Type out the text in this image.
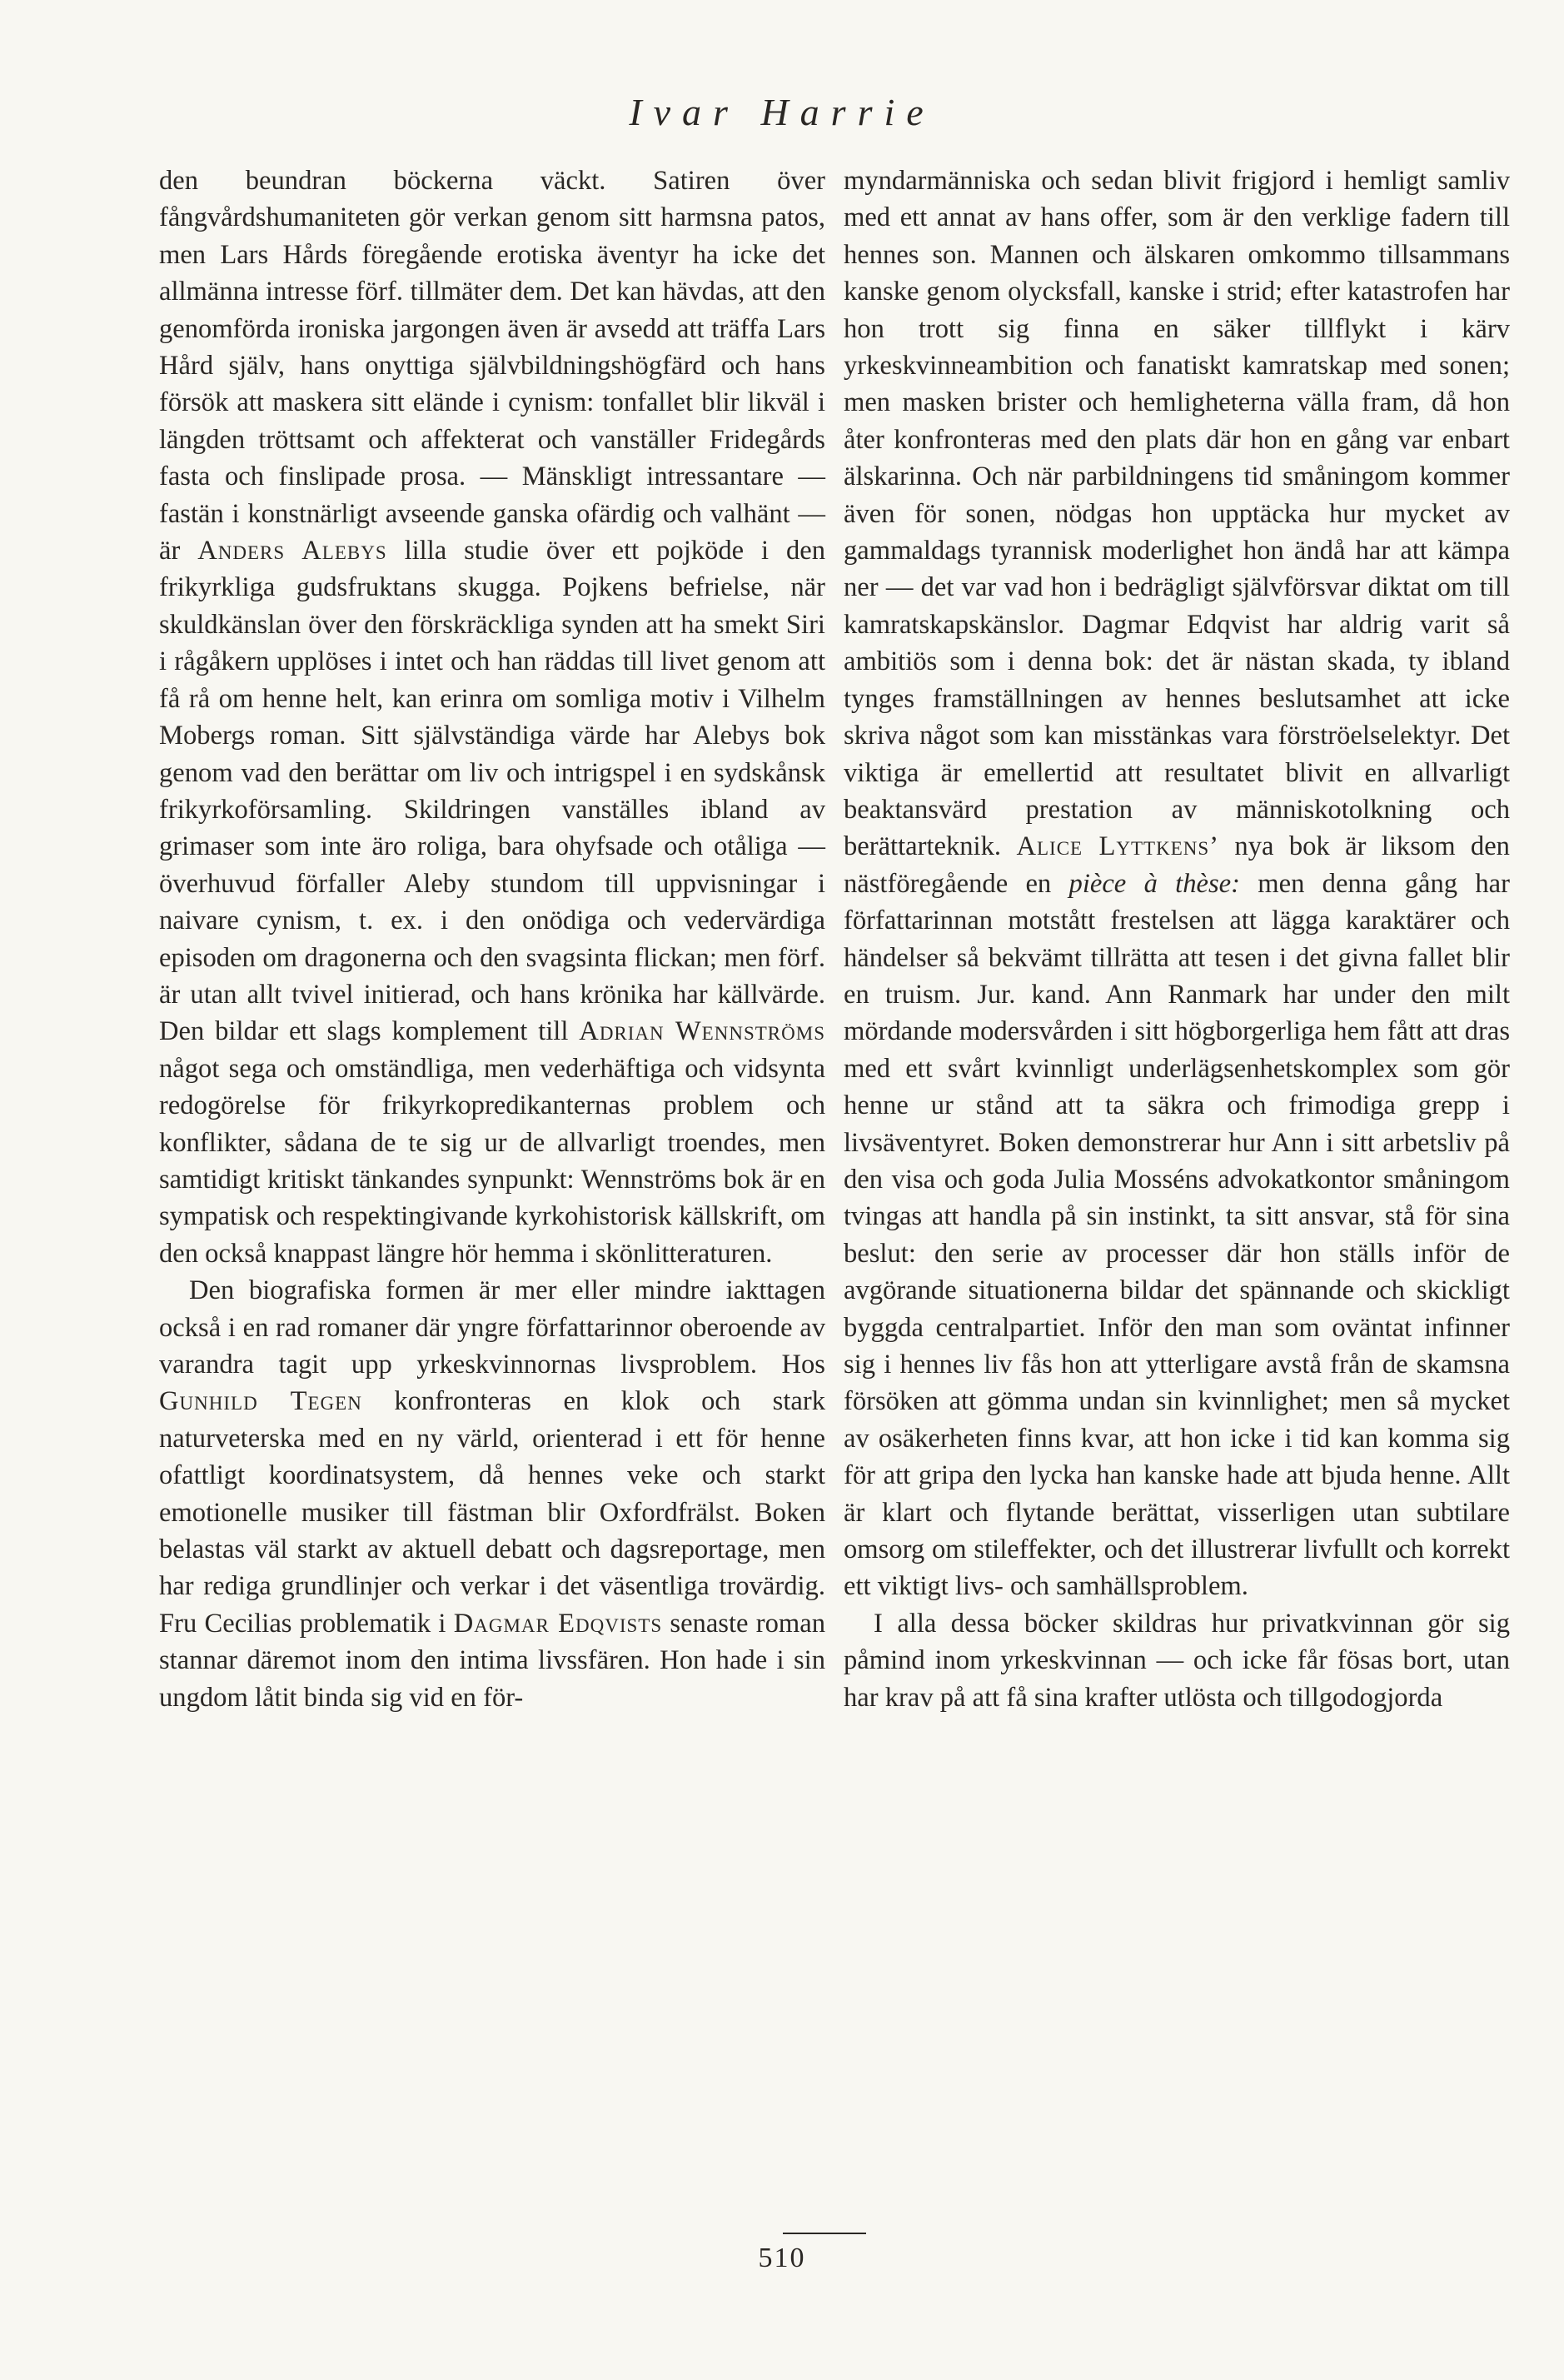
Ivar Harrie

den beundran böckerna väckt. Satiren över fångvårdshumaniteten gör verkan genom sitt harmsna patos, men Lars Hårds föregående erotiska äventyr ha icke det allmänna intresse förf. tillmäter dem. Det kan hävdas, att den genomförda ironiska jargongen även är avsedd att träffa Lars Hård själv, hans onyttiga självbildningshögfärd och hans försök att maskera sitt elände i cynism: tonfallet blir likväl i längden tröttsamt och affekterat och vanställer Fridegårds fasta och finslipade prosa. — Mänskligt intressantare — fastän i konstnärligt avseende ganska ofärdig och valhänt — är Anders Alebys lilla studie över ett pojköde i den frikyrkliga gudsfruktans skugga. Pojkens befrielse, när skuldkänslan över den förskräckliga synden att ha smekt Siri i rågåkern upplöses i intet och han räddas till livet genom att få rå om henne helt, kan erinra om somliga motiv i Vilhelm Mobergs roman. Sitt självständiga värde har Alebys bok genom vad den berättar om liv och intrigspel i en sydskånsk frikyrkoförsamling. Skildringen vanställes ibland av grimaser som inte äro roliga, bara ohyfsade och otåliga — överhuvud förfaller Aleby stundom till uppvisningar i naivare cynism, t. ex. i den onödiga och vedervärdiga episoden om dragonerna och den svagsinta flickan; men förf. är utan allt tvivel initierad, och hans krönika har källvärde. Den bildar ett slags komplement till Adrian Wennströms något sega och omständliga, men vederhäftiga och vidsynta redogörelse för frikyrkopredikanternas problem och konflikter, sådana de te sig ur de allvarligt troendes, men samtidigt kritiskt tänkandes synpunkt: Wennströms bok är en sympatisk och respektingivande kyrkohistorisk källskrift, om den också knappast längre hör hemma i skönlitteraturen.

Den biografiska formen är mer eller mindre iakttagen också i en rad romaner där yngre författarinnor oberoende av varandra tagit upp yrkeskvinnornas livsproblem. Hos Gunhild Tegen konfronteras en klok och stark naturveterska med en ny värld, orienterad i ett för henne ofattligt koordinatsystem, då hennes veke och starkt emotionelle musiker till fästman blir Oxfordfrälst. Boken belastas väl starkt av aktuell debatt och dagsreportage, men har rediga grundlinjer och verkar i det väsentliga trovärdig. Fru Cecilias problematik i Dagmar Edqvists senaste roman stannar däremot inom den intima livssfären. Hon hade i sin ungdom låtit binda sig vid en för-

myndarmänniska och sedan blivit frigjord i hemligt samliv med ett annat av hans offer, som är den verklige fadern till hennes son. Mannen och älskaren omkommo tillsammans kanske genom olycksfall, kanske i strid; efter katastrofen har hon trott sig finna en säker tillflykt i kärv yrkeskvinneambition och fanatiskt kamratskap med sonen; men masken brister och hemligheterna välla fram, då hon åter konfronteras med den plats där hon en gång var enbart älskarinna. Och när parbildningens tid småningom kommer även för sonen, nödgas hon upptäcka hur mycket av gammaldags tyrannisk moderlighet hon ändå har att kämpa ner — det var vad hon i bedrägligt självförsvar diktat om till kamratskapskänslor. Dagmar Edqvist har aldrig varit så ambitiös som i denna bok: det är nästan skada, ty ibland tynges framställningen av hennes beslutsamhet att icke skriva något som kan misstänkas vara förströelselektyr. Det viktiga är emellertid att resultatet blivit en allvarligt beaktansvärd prestation av människotolkning och berättarteknik. Alice Lyttkens’ nya bok är liksom den nästföregående en pièce à thèse: men denna gång har författarinnan motstått frestelsen att lägga karaktärer och händelser så bekvämt tillrätta att tesen i det givna fallet blir en truism. Jur. kand. Ann Ranmark har under den milt mördande modersvården i sitt högborgerliga hem fått att dras med ett svårt kvinnligt underlägsenhetskomplex som gör henne ur stånd att ta säkra och frimodiga grepp i livsäventyret. Boken demonstrerar hur Ann i sitt arbetsliv på den visa och goda Julia Mosséns advokatkontor småningom tvingas att handla på sin instinkt, ta sitt ansvar, stå för sina beslut: den serie av processer där hon ställs inför de avgörande situationerna bildar det spännande och skickligt byggda centralpartiet. Inför den man som oväntat infinner sig i hennes liv fås hon att ytterligare avstå från de skamsna försöken att gömma undan sin kvinnlighet; men så mycket av osäkerheten finns kvar, att hon icke i tid kan komma sig för att gripa den lycka han kanske hade att bjuda henne. Allt är klart och flytande berättat, visserligen utan subtilare omsorg om stileffekter, och det illustrerar livfullt och korrekt ett viktigt livs- och samhällsproblem.

I alla dessa böcker skildras hur privatkvinnan gör sig påmind inom yrkeskvinnan — och icke får fösas bort, utan har krav på att få sina krafter utlösta och tillgodogjorda

510
